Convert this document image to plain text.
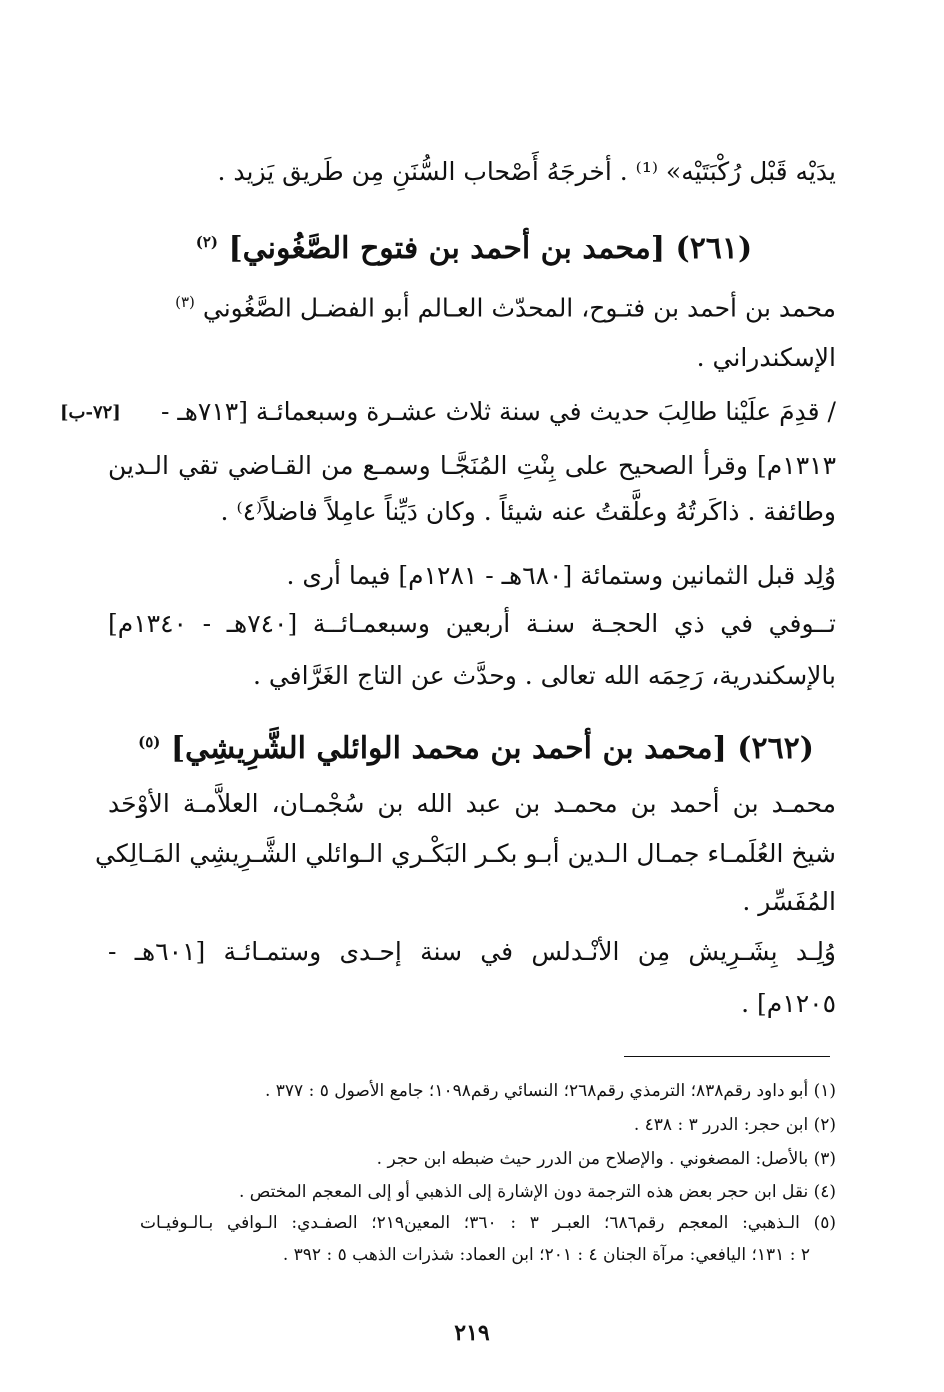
يدَيْه قَبْل رُكْبَتَيْه» ⁽¹⁾ . أخرجَهُ أَصْحاب السُّنَنِ مِن طَريق يَزيد .
(٢٦١) [محمد بن أحمد بن فتوح الصَّغُوني] $^{(٢)}$
محمد بن أحمد بن فتـوح، المحدّث العـالم أبو الفضـل الصَّغُوني $^{(٣)}$
الإسكندراني .
[٧٢-ب] / قدِمَ علَيْنا طالِبَ حديث في سنة ثلاث عشـرة وسبعمائـة [٧١٣هـ -
١٣١٣م] وقرأ الصحيح على بِنْتِ المُنَجَّـا وسمـع من القـاضي تقي الـدين
وطائفة . ذاكَرتُهُ وعلَّقتُ عنه شيئاً . وكان دَيِّناً عامِلاً فاضلاً⁽٤⁾ .
وُلِد قبل الثمانين وستمائة [٦٨٠هـ - ١٢٨١م] فيما أرى .
تــوفي في ذي الحجـة سنـة أربعين وسبعمـائــة [٧٤٠هـ - ١٣٤٠م]
بالإسكندرية، رَحِمَه الله تعالى . وحدَّث عن التاج الغَرَّافي .
(٢٦٢) [محمد بن أحمد بن محمد الوائلي الشَّرِيشِي] $^{(٥)}$
محمـد بن أحمد بن محمـد بن عبد الله بن سُجْمـان، العلاَّمـة الأوْحَد
شيخ العُلَمـاء جمـال الـدين أبـو بكـر البَكْـري الـوائلي الشَّـرِيشِي المَـالِكي
المُفَسِّر .
وُلِـد بِشَـرِيش مِن الأنْـدلس في سنة إحـدى وستمـائـة [٦٠١هـ -
١٢٠٥م] .
(١) أبو داود رقم٨٣٨؛ الترمذي رقم٢٦٨؛ النسائي رقم١٠٩٨؛ جامع الأصول ٥ : ٣٧٧ .
(٢) ابن حجر: الدرر ٣ : ٤٣٨ .
(٣) بالأصل: المصغوني . والإصلاح من الدرر حيث ضبطه ابن حجر .
(٤) نقل ابن حجر بعض هذه الترجمة دون الإشارة إلى الذهبي أو إلى المعجم المختص .
(٥) الـذهبي: المعجم رقم٦٨٦؛ العبـر ٣ : ٣٦٠؛ المعين٢١٩؛ الصفـدي: الـوافي بـالـوفيـات
٢ : ١٣١؛ اليافعي: مرآة الجنان ٤ : ٢٠١؛ ابن العماد: شذرات الذهب ٥ : ٣٩٢ .
٢١٩
